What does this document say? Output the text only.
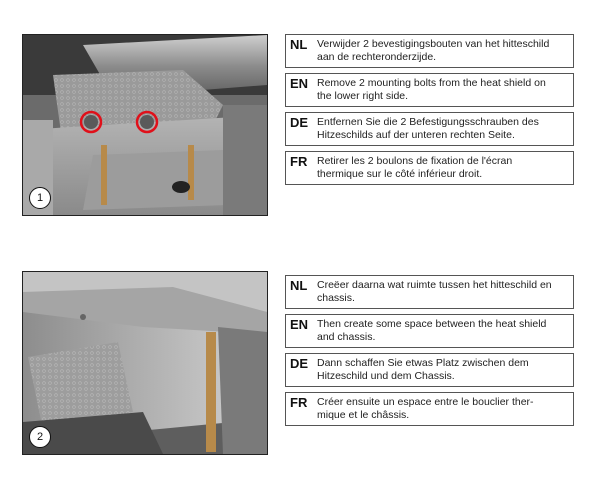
1
NL Verwijder 2 bevestigingsbouten van het hitteschild
aan de rechteronderzijde.
EN Remove 2 mounting bolts from the heat shield on
the lower right side.
DE Entfernen Sie die 2 Befestigungsschrauben des
Hitzeschilds auf der unteren rechten Seite.
FR Retirer les 2 boulons de fixation de l'écran
thermique sur le côté inférieur droit.
2
NL Creëer daarna wat ruimte tussen het hitteschild en
chassis.
EN Then create some space between the heat shield
and chassis.
DE Dann schaffen Sie etwas Platz zwischen dem
Hitzeschild und dem Chassis.
FR Créer ensuite un espace entre le bouclier ther-
mique et le châssis.
